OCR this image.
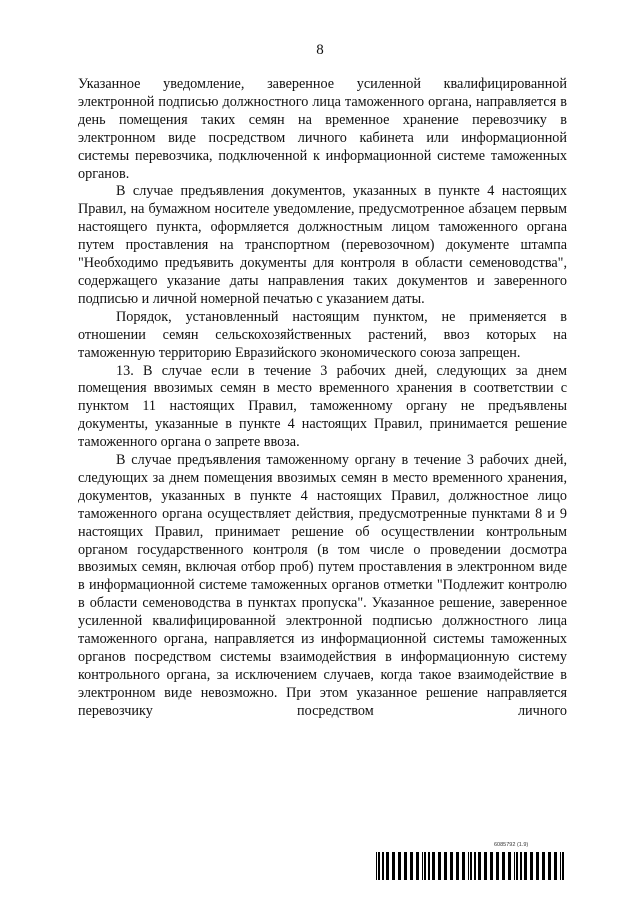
8

Указанное уведомление, заверенное усиленной квалифицированной электронной подписью должностного лица таможенного органа, направляется в день помещения таких семян на временное хранение перевозчику в электронном виде посредством личного кабинета или информационной системы перевозчика, подключенной к информационной системе таможенных органов.

В случае предъявления документов, указанных в пункте 4 настоящих Правил, на бумажном носителе уведомление, предусмотренное абзацем первым настоящего пункта, оформляется должностным лицом таможенного органа путем проставления на транспортном (перевозочном) документе штампа "Необходимо предъявить документы для контроля в области семеноводства", содержащего указание даты направления таких документов и заверенного подписью и личной номерной печатью с указанием даты.

Порядок, установленный настоящим пунктом, не применяется в отношении семян сельскохозяйственных растений, ввоз которых на таможенную территорию Евразийского экономического союза запрещен.

13. В случае если в течение 3 рабочих дней, следующих за днем помещения ввозимых семян в место временного хранения в соответствии с пунктом 11 настоящих Правил, таможенному органу не предъявлены документы, указанные в пункте 4 настоящих Правил, принимается решение таможенного органа о запрете ввоза.

В случае предъявления таможенному органу в течение 3 рабочих дней, следующих за днем помещения ввозимых семян в место временного хранения, документов, указанных в пункте 4 настоящих Правил, должностное лицо таможенного органа осуществляет действия, предусмотренные пунктами 8 и 9 настоящих Правил, принимает решение об осуществлении контрольным органом государственного контроля (в том числе о проведении досмотра ввозимых семян, включая отбор проб) путем проставления в электронном виде в информационной системе таможенных органов отметки "Подлежит контролю в области семеноводства в пунктах пропуска". Указанное решение, заверенное усиленной квалифицированной электронной подписью должностного лица таможенного органа, направляется из информационной системы таможенных органов посредством системы взаимодействия в информационную систему контрольного органа, за исключением случаев, когда такое взаимодействие в электронном виде невозможно. При этом указанное решение направляется перевозчику посредством личного

6085792 (1.9)
